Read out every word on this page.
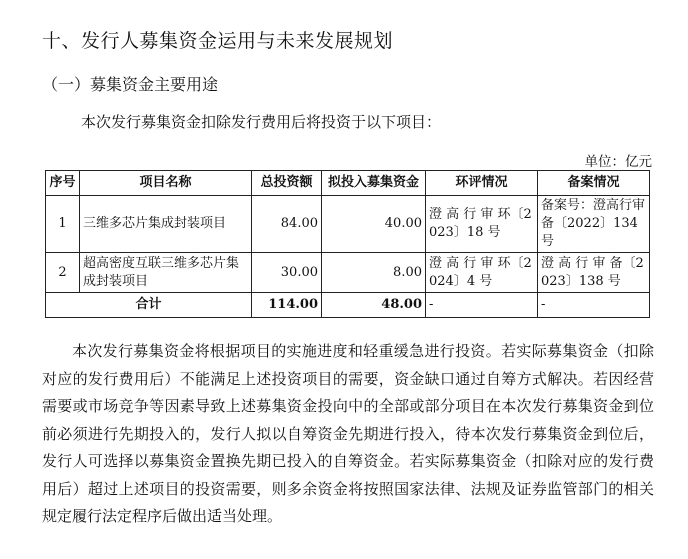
十、发行人募集资金运用与未来发展规划
（一）募集资金主要用途
本次发行募集资金扣除发行费用后将投资于以下项目：
单位：亿元
序号	项目名称	总投资额	拟投入募集资金	环评情况	备案情况
1	三维多芯片集成封装项目	84.00	40.00	澄 高 行 审 环〔2023〕18 号	备案号：澄高行审备〔2022〕134 号
2	超高密度互联三维多芯片集成封装项目	30.00	8.00	澄 高 行 审 环〔2024〕4 号	澄 高 行 审 备〔2023〕138 号
合计		114.00	48.00	-	-
本次发行募集资金将根据项目的实施进度和轻重缓急进行投资。若实际募集资金（扣除对应的发行费用后）不能满足上述投资项目的需要，资金缺口通过自筹方式解决。若因经营需要或市场竞争等因素导致上述募集资金投向中的全部或部分项目在本次发行募集资金到位前必须进行先期投入的，发行人拟以自筹资金先期进行投入，待本次发行募集资金到位后，发行人可选择以募集资金置换先期已投入的自筹资金。若实际募集资金（扣除对应的发行费用后）超过上述项目的投资需要，则多余资金将按照国家法律、法规及证券监管部门的相关规定履行法定程序后做出适当处理。
